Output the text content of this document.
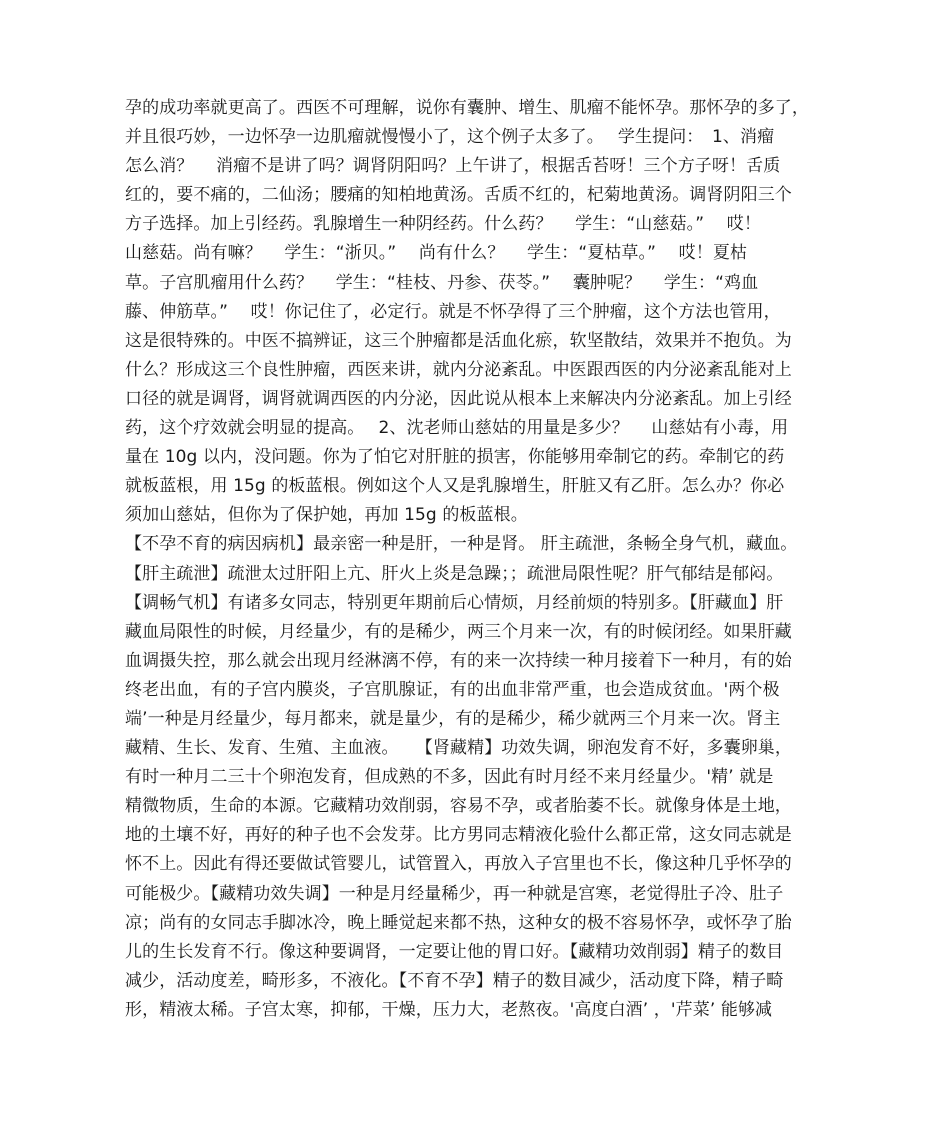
孕的成功率就更高了。西医不可理解，说你有囊肿、增生、肌瘤不能怀孕。那怀孕的多了，
并且很巧妙，一边怀孕一边肌瘤就慢慢小了，这个例子太多了。　 学生提问：　1、消瘤
怎么消？　 消瘤不是讲了吗？调肾阴阳吗？上午讲了，根据舌苔呀！三个方子呀！舌质
红的，要不痛的，二仙汤；腰痛的知柏地黄汤。舌质不红的，杞菊地黄汤。调肾阴阳三个
方子选择。加上引经药。乳腺增生一种阴经药。什么药？　 学生：“山慈菇。”　 哎！
山慈菇。尚有嘛？　 学生：“浙贝。”　 尚有什么？　 学生：“夏枯草。”　 哎！夏枯
草。子宫肌瘤用什么药？　 学生：“桂枝、丹参、茯苓。”　 囊肿呢？　 学生：“鸡血
藤、伸筋草。”　 哎！你记住了，必定行。就是不怀孕得了三个肿瘤，这个方法也管用，
这是很特殊的。中医不搞辨证，这三个肿瘤都是活血化瘀，软坚散结，效果并不抱负。为
什么？形成这三个良性肿瘤，西医来讲，就内分泌紊乱。中医跟西医的内分泌紊乱能对上
口径的就是调肾，调肾就调西医的内分泌，因此说从根本上来解决内分泌紊乱。加上引经
药，这个疗效就会明显的提高。　 2、沈老师山慈姑的用量是多少？　 山慈姑有小毒，用
量在 10g 以内，没问题。你为了怕它对肝脏的损害，你能够用牵制它的药。牵制它的药
就板蓝根，用 15g 的板蓝根。例如这个人又是乳腺增生，肝脏又有乙肝。怎么办？你必
须加山慈姑，但你为了保护她，再加 15g 的板蓝根。

【不孕不育的病因病机】最亲密一种是肝，一种是肾。 肝主疏泄，条畅全身气机，藏血。
【肝主疏泄】疏泄太过肝阳上亢、肝火上炎是急躁；；疏泄局限性呢？肝气郁结是郁闷。
【调畅气机】有诸多女同志，特别更年期前后心情烦，月经前烦的特别多。【肝藏血】肝
藏血局限性的时候，月经量少，有的是稀少，两三个月来一次，有的时候闭经。如果肝藏
血调摄失控，那么就会出现月经淋漓不停，有的来一次持续一种月接着下一种月，有的始
终老出血，有的子宫内膜炎，子宫肌腺证，有的出血非常严重，也会造成贫血。'两个极
端’一种是月经量少，每月都来，就是量少，有的是稀少，稀少就两三个月来一次。肾主
藏精、生长、发育、生殖、主血液。　　【肾藏精】功效失调，卵泡发育不好，多囊卵巢，
有时一种月二三十个卵泡发育，但成熟的不多，因此有时月经不来月经量少。'精’ 就是
精微物质，生命的本源。它藏精功效削弱，容易不孕，或者胎萎不长。就像身体是土地，
地的土壤不好，再好的种子也不会发芽。比方男同志精液化验什么都正常，这女同志就是
怀不上。因此有得还要做试管婴儿，试管置入，再放入子宫里也不长，像这种几乎怀孕的
可能极少。【藏精功效失调】一种是月经量稀少，再一种就是宫寒，老觉得肚子冷、肚子
凉；尚有的女同志手脚冰冷，晚上睡觉起来都不热，这种女的极不容易怀孕，或怀孕了胎
儿的生长发育不行。像这种要调肾，一定要让他的胃口好。【藏精功效削弱】精子的数目
减少，活动度差，畸形多，不液化。【不育不孕】精子的数目减少，活动度下降，精子畸
形，精液太稀。子宫太寒，抑郁，干燥，压力大，老熬夜。'高度白酒’ ，'芹菜’ 能够减
